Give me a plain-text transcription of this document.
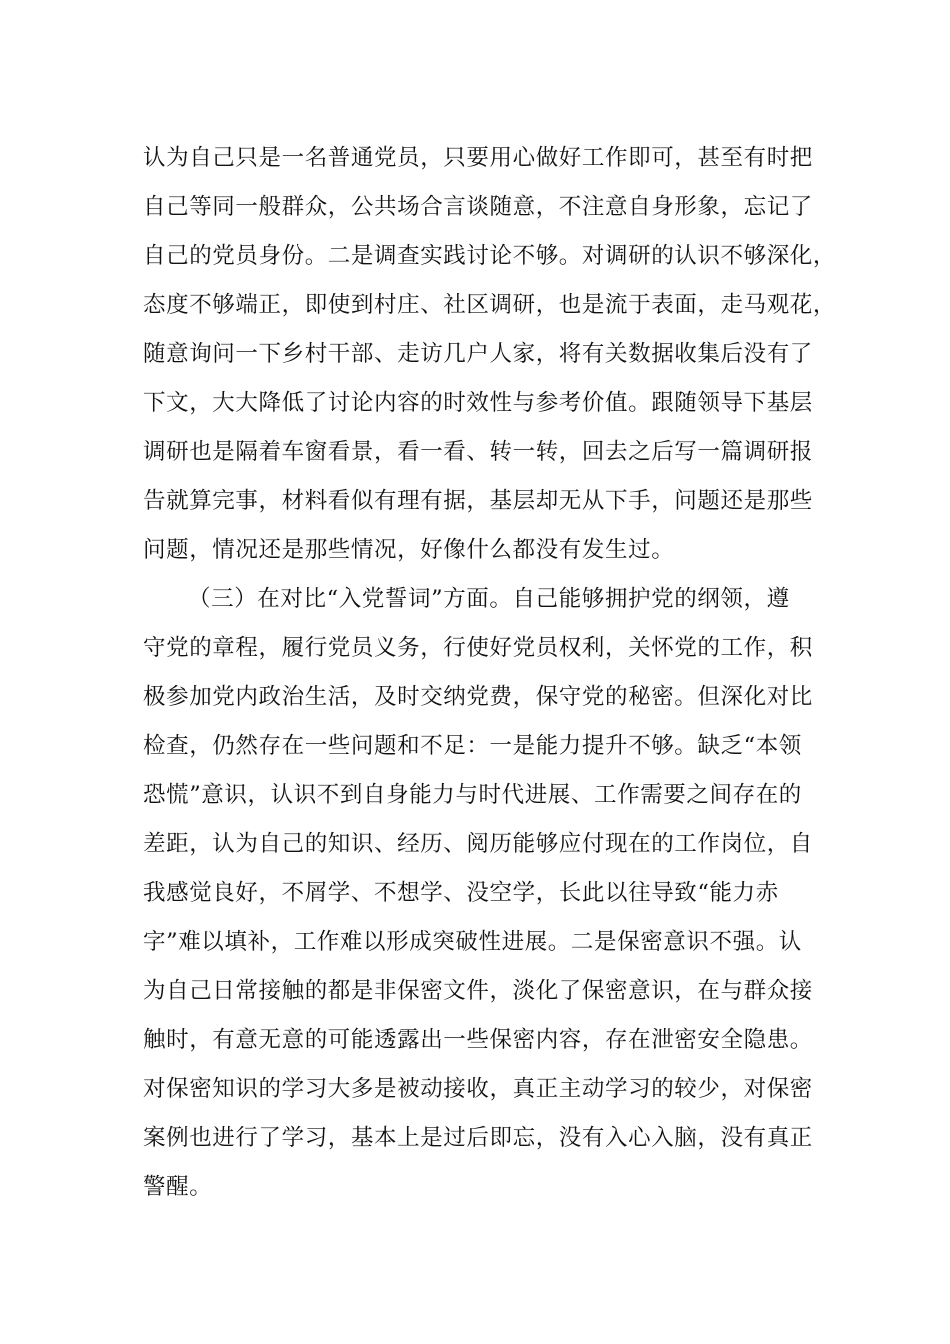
认为自己只是一名普通党员，只要用心做好工作即可，甚至有时把
自己等同一般群众，公共场合言谈随意，不注意自身形象，忘记了
自己的党员身份。二是调查实践讨论不够。对调研的认识不够深化，
态度不够端正，即使到村庄、社区调研，也是流于表面，走马观花，
随意询问一下乡村干部、走访几户人家，将有关数据收集后没有了
下文，大大降低了讨论内容的时效性与参考价值。跟随领导下基层
调研也是隔着车窗看景，看一看、转一转，回去之后写一篇调研报
告就算完事，材料看似有理有据，基层却无从下手，问题还是那些
问题，情况还是那些情况，好像什么都没有发生过。
（三）在对比“入党誓词”方面。自己能够拥护党的纲领，遵
守党的章程，履行党员义务，行使好党员权利，关怀党的工作，积
极参加党内政治生活，及时交纳党费，保守党的秘密。但深化对比
检查，仍然存在一些问题和不足：一是能力提升不够。缺乏“本领
恐慌”意识，认识不到自身能力与时代进展、工作需要之间存在的
差距，认为自己的知识、经历、阅历能够应付现在的工作岗位，自
我感觉良好，不屑学、不想学、没空学，长此以往导致“能力赤
字”难以填补，工作难以形成突破性进展。二是保密意识不强。认
为自己日常接触的都是非保密文件，淡化了保密意识，在与群众接
触时，有意无意的可能透露出一些保密内容，存在泄密安全隐患。
对保密知识的学习大多是被动接收，真正主动学习的较少，对保密
案例也进行了学习，基本上是过后即忘，没有入心入脑，没有真正
警醒。
